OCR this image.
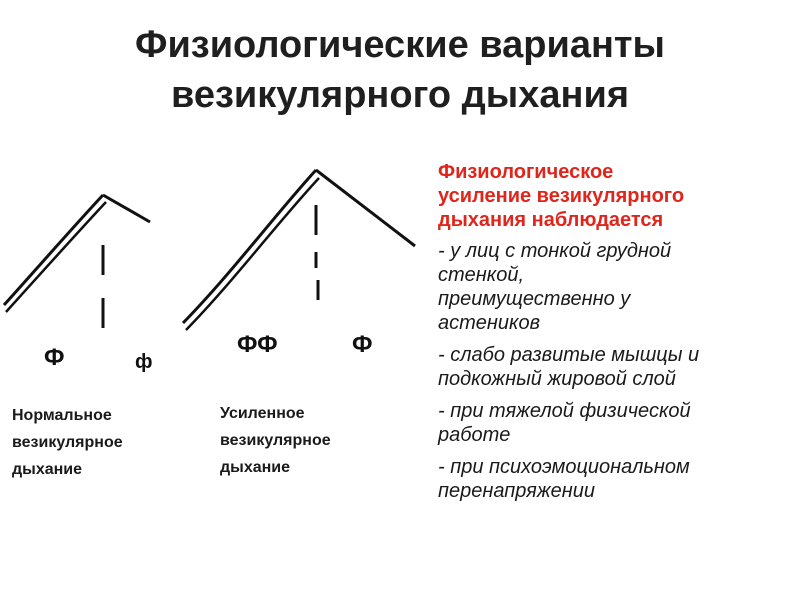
Физиологические варианты
везикулярного дыхания
Ф	ф
ФФ	Ф
Нормальное
везикулярное
дыхание
Усиленное
везикулярное
дыхание
Физиологическое
усиление везикулярного
дыхания наблюдается
- у лиц с тонкой грудной
стенкой,
преимущественно у
астеников
- слабо развитые мышцы и
подкожный жировой слой
- при тяжелой физической
работе
- при психоэмоциональном
перенапряжении
